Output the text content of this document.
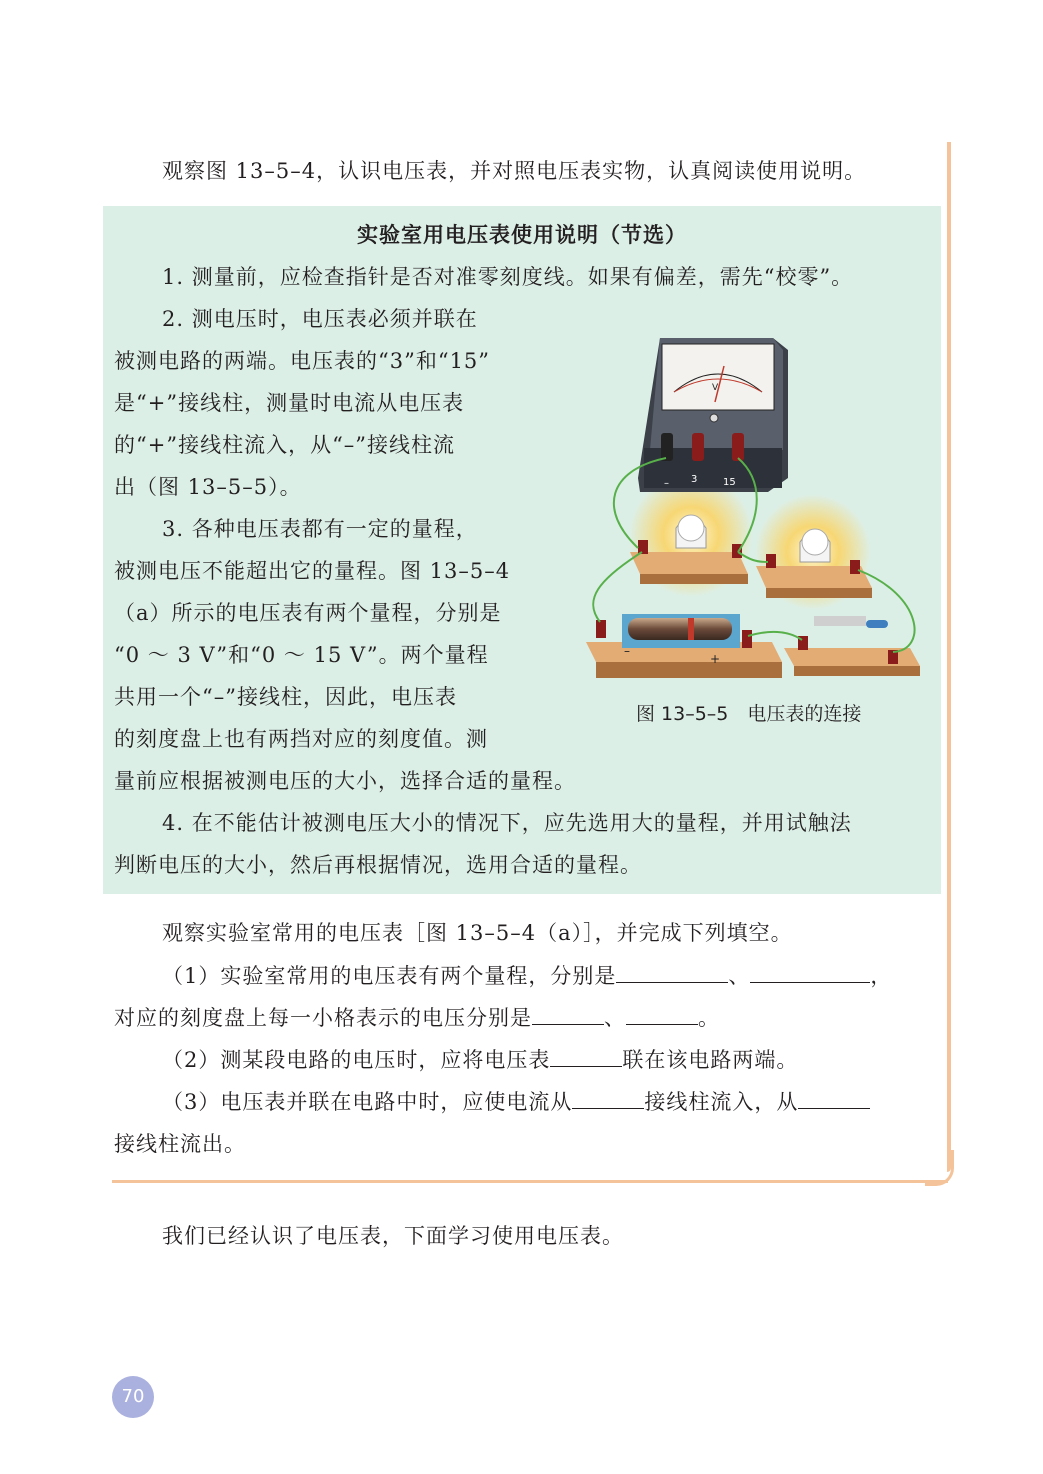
观察图 13–5–4，认识电压表，并对照电压表实物，认真阅读使用说明。
实验室用电压表使用说明（节选）
1. 测量前，应检查指针是否对准零刻度线。如果有偏差，需先“校零”。
2. 测电压时，电压表必须并联在
被测电路的两端。电压表的“3”和“15”
是“+”接线柱，测量时电流从电压表
的“+”接线柱流入，从“–”接线柱流
出（图 13–5–5）。
3. 各种电压表都有一定的量程，
被测电压不能超出它的量程。图 13–5–4
（a）所示的电压表有两个量程，分别是
“0 ～ 3 V”和“0 ～ 15 V”。两个量程
共用一个“–”接线柱，因此，电压表
的刻度盘上也有两挡对应的刻度值。测
量前应根据被测电压的大小，选择合适的量程。
4. 在不能估计被测电压大小的情况下，应先选用大的量程，并用试触法
判断电压的大小，然后再根据情况，选用合适的量程。
V
– 3	15
–
+
图 13–5–5　电压表的连接
观察实验室常用的电压表［图 13–5–4（a）］，并完成下列填空。
（1）实验室常用的电压表有两个量程，分别是	、	，
对应的刻度盘上每一小格表示的电压分别是	、	。
（2）测某段电路的电压时，应将电压表	联在该电路两端。
（3）电压表并联在电路中时，应使电流从	接线柱流入，从
接线柱流出。
我们已经认识了电压表，下面学习使用电压表。
70
